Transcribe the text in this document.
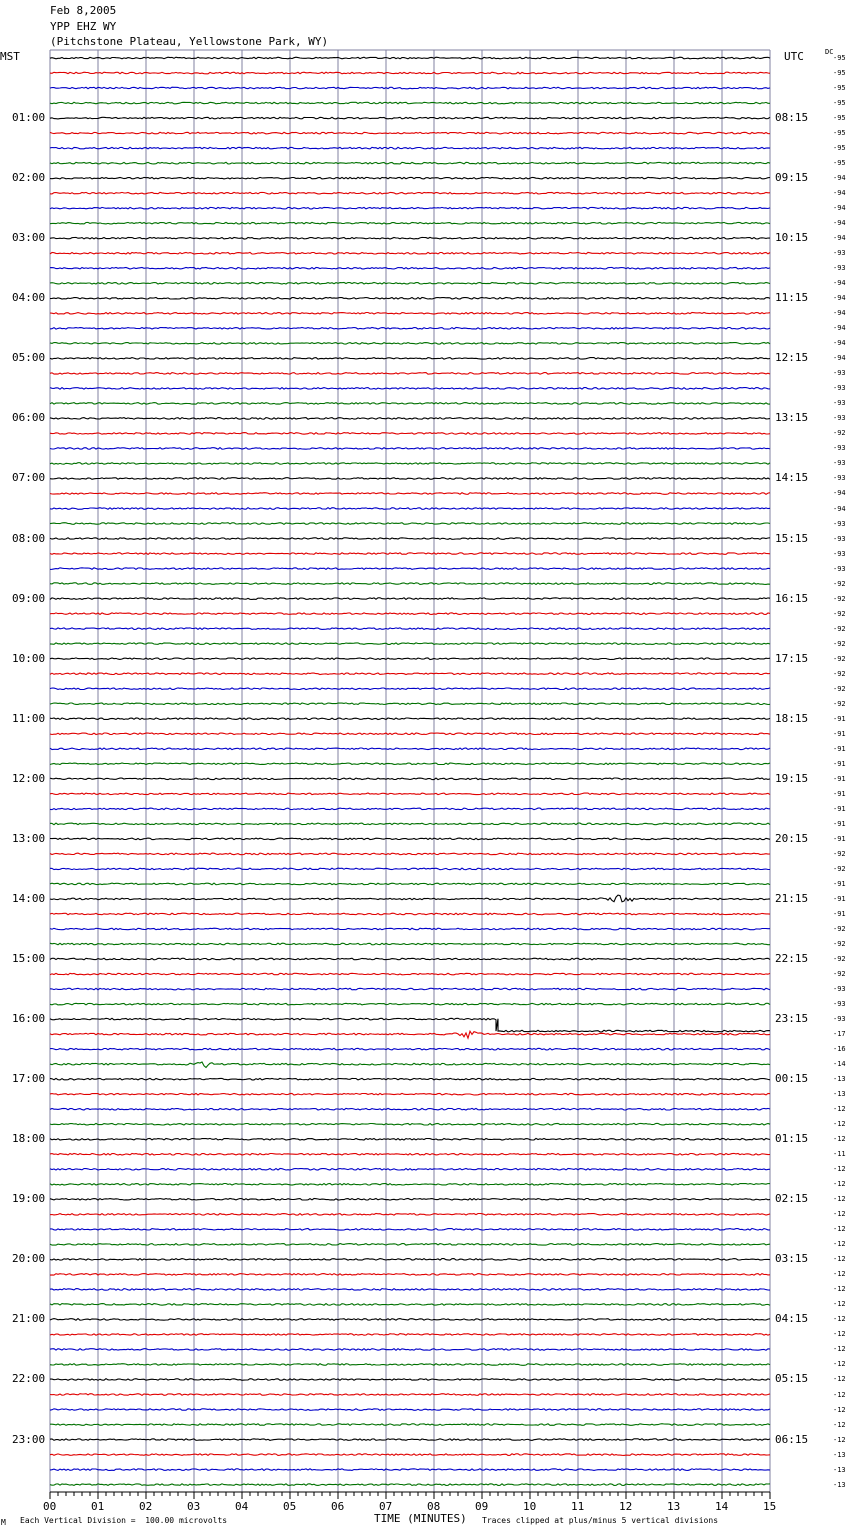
Feb 8,2005
YPP EHZ WY
(Pitchstone Plateau, Yellowstone Park, WY)
MST	UTC	DC
-95
-95
-95
-95
-95
-95
-95
-95
-94
-94
-94
-94
-94
-93
-93
-94
-94
-94
-94
-94
-94
-93
-93
-93
-93
-92
-93
-93
-93
-94
-94
-93
-93
-93
-93
-92
-92
-92
-92
-92
-92
-92
-92
-92
-91
-91
-91
-91
-91
-91
-91
-91
-91
-92
-92
-91
-91
-91
-92
-92
-92
-92
-93
-93
-93
-17
-16
-14
-13
-13
-12
-12
-12
-11
-12
-12
-12
-12
-12
-12
-12
-12
-12
-12
-12
-12
-12
-12
-12
-12
-12
-12
-12
-13
-13
-13
01:00	08:15
02:00	09:15
03:00	10:15
04:00	11:15
05:00	12:15
06:00	13:15
07:00	14:15
08:00	15:15
09:00	16:15
10:00	17:15
11:00	18:15
12:00	19:15
13:00	20:15
14:00	21:15
15:00	22:15
16:00	23:15
17:00	00:15
18:00	01:15
19:00	02:15
20:00	03:15
21:00	04:15
22:00	05:15
23:00	06:15
00	01	02	03	04	05	06	07	08	09	10	11	12	13	14	15
M Each Vertical Division =  100.00 microvolts	TIME (MINUTES) Traces clipped at plus/minus 5 vertical divisions
